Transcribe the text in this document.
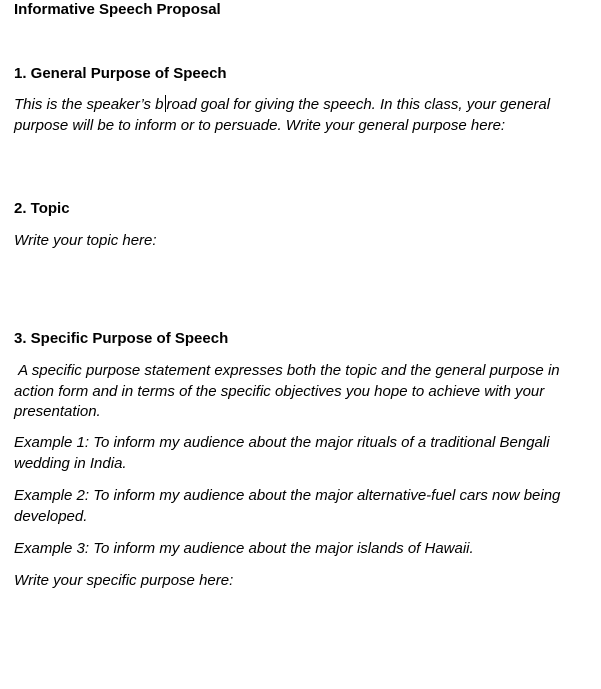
Informative Speech Proposal
1. General Purpose of Speech

This is the speaker’s b road goal for giving the speech. In this class, your general purpose will be to inform or to persuade. Write your general purpose here:

2. Topic

Write your topic here:

3. Specific Purpose of Speech

A specific purpose statement expresses both the topic and the general purpose in action form and in terms of the specific objectives you hope to achieve with your presentation.

Example 1: To inform my audience about the major rituals of a traditional Bengali wedding in India.

Example 2: To inform my audience about the major alternative-fuel cars now being developed.

Example 3: To inform my audience about the major islands of Hawaii.

Write your specific purpose here:
